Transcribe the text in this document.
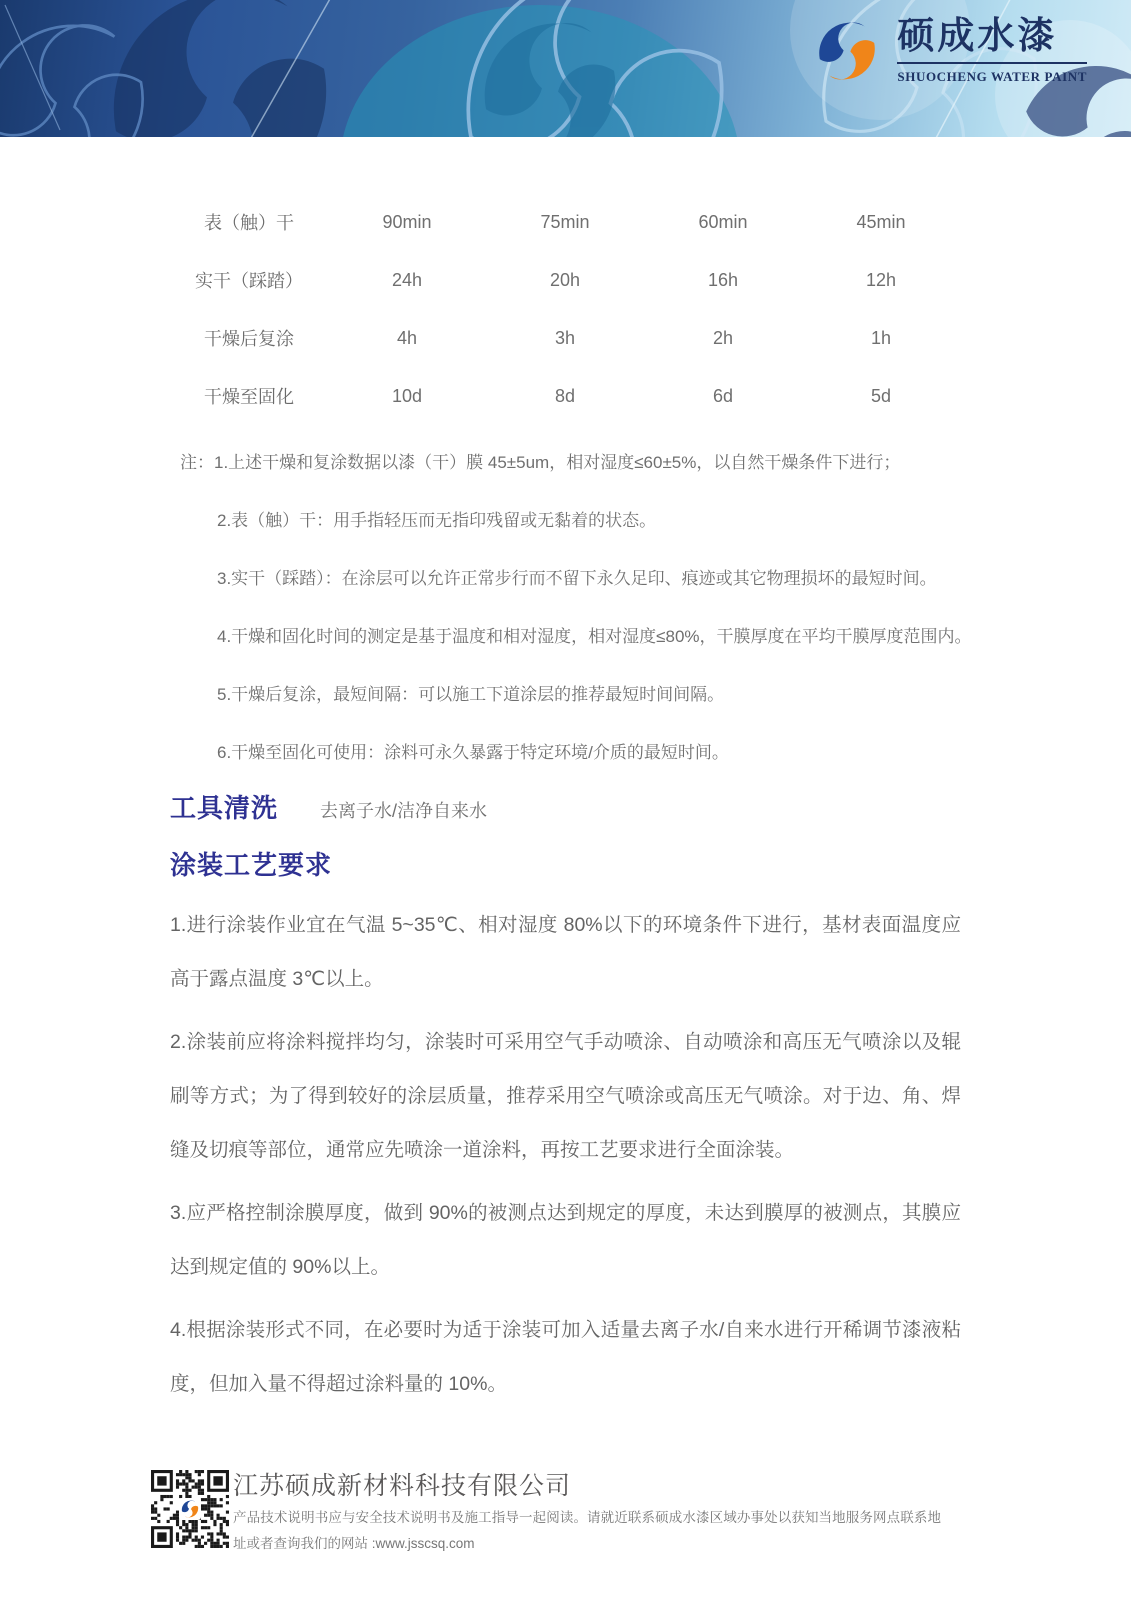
硕成水漆
SHUOCHENG WATER PAINT
表（触）干	90min	75min	60min	45min
实干（踩踏）	24h	20h	16h	12h
干燥后复涂	4h	3h	2h	1h
干燥至固化	10d	8d	6d	5d
注：1.上述干燥和复涂数据以漆（干）膜 45±5um，相对湿度≤60±5%，以自然干燥条件下进行；
2.表（触）干：用手指轻压而无指印残留或无黏着的状态。
3.实干（踩踏）：在涂层可以允许正常步行而不留下永久足印、痕迹或其它物理损坏的最短时间。
4.干燥和固化时间的测定是基于温度和相对湿度，相对湿度≤80%，干膜厚度在平均干膜厚度范围内。
5.干燥后复涂，最短间隔：可以施工下道涂层的推荐最短时间间隔。
6.干燥至固化可使用：涂料可永久暴露于特定环境/介质的最短时间。
工具清洗 去离子水/洁净自来水
涂装工艺要求

1.进行涂装作业宜在气温 5~35℃、相对湿度 80%以下的环境条件下进行，基材表面温度应高于露点温度 3℃以上。

2.涂装前应将涂料搅拌均匀，涂装时可采用空气手动喷涂、自动喷涂和高压无气喷涂以及辊刷等方式；为了得到较好的涂层质量，推荐采用空气喷涂或高压无气喷涂。对于边、角、焊缝及切痕等部位，通常应先喷涂一道涂料，再按工艺要求进行全面涂装。

3.应严格控制涂膜厚度，做到 90%的被测点达到规定的厚度，未达到膜厚的被测点，其膜应达到规定值的 90%以上。

4.根据涂装形式不同，在必要时为适于涂装可加入适量去离子水/自来水进行开稀调节漆液粘度，但加入量不得超过涂料量的 10%。

江苏硕成新材料科技有限公司
产品技术说明书应与安全技术说明书及施工指导一起阅读。请就近联系硕成水漆区域办事处以获知当地服务网点联系地址或者查询我们的网站 :www.jsscsq.com
